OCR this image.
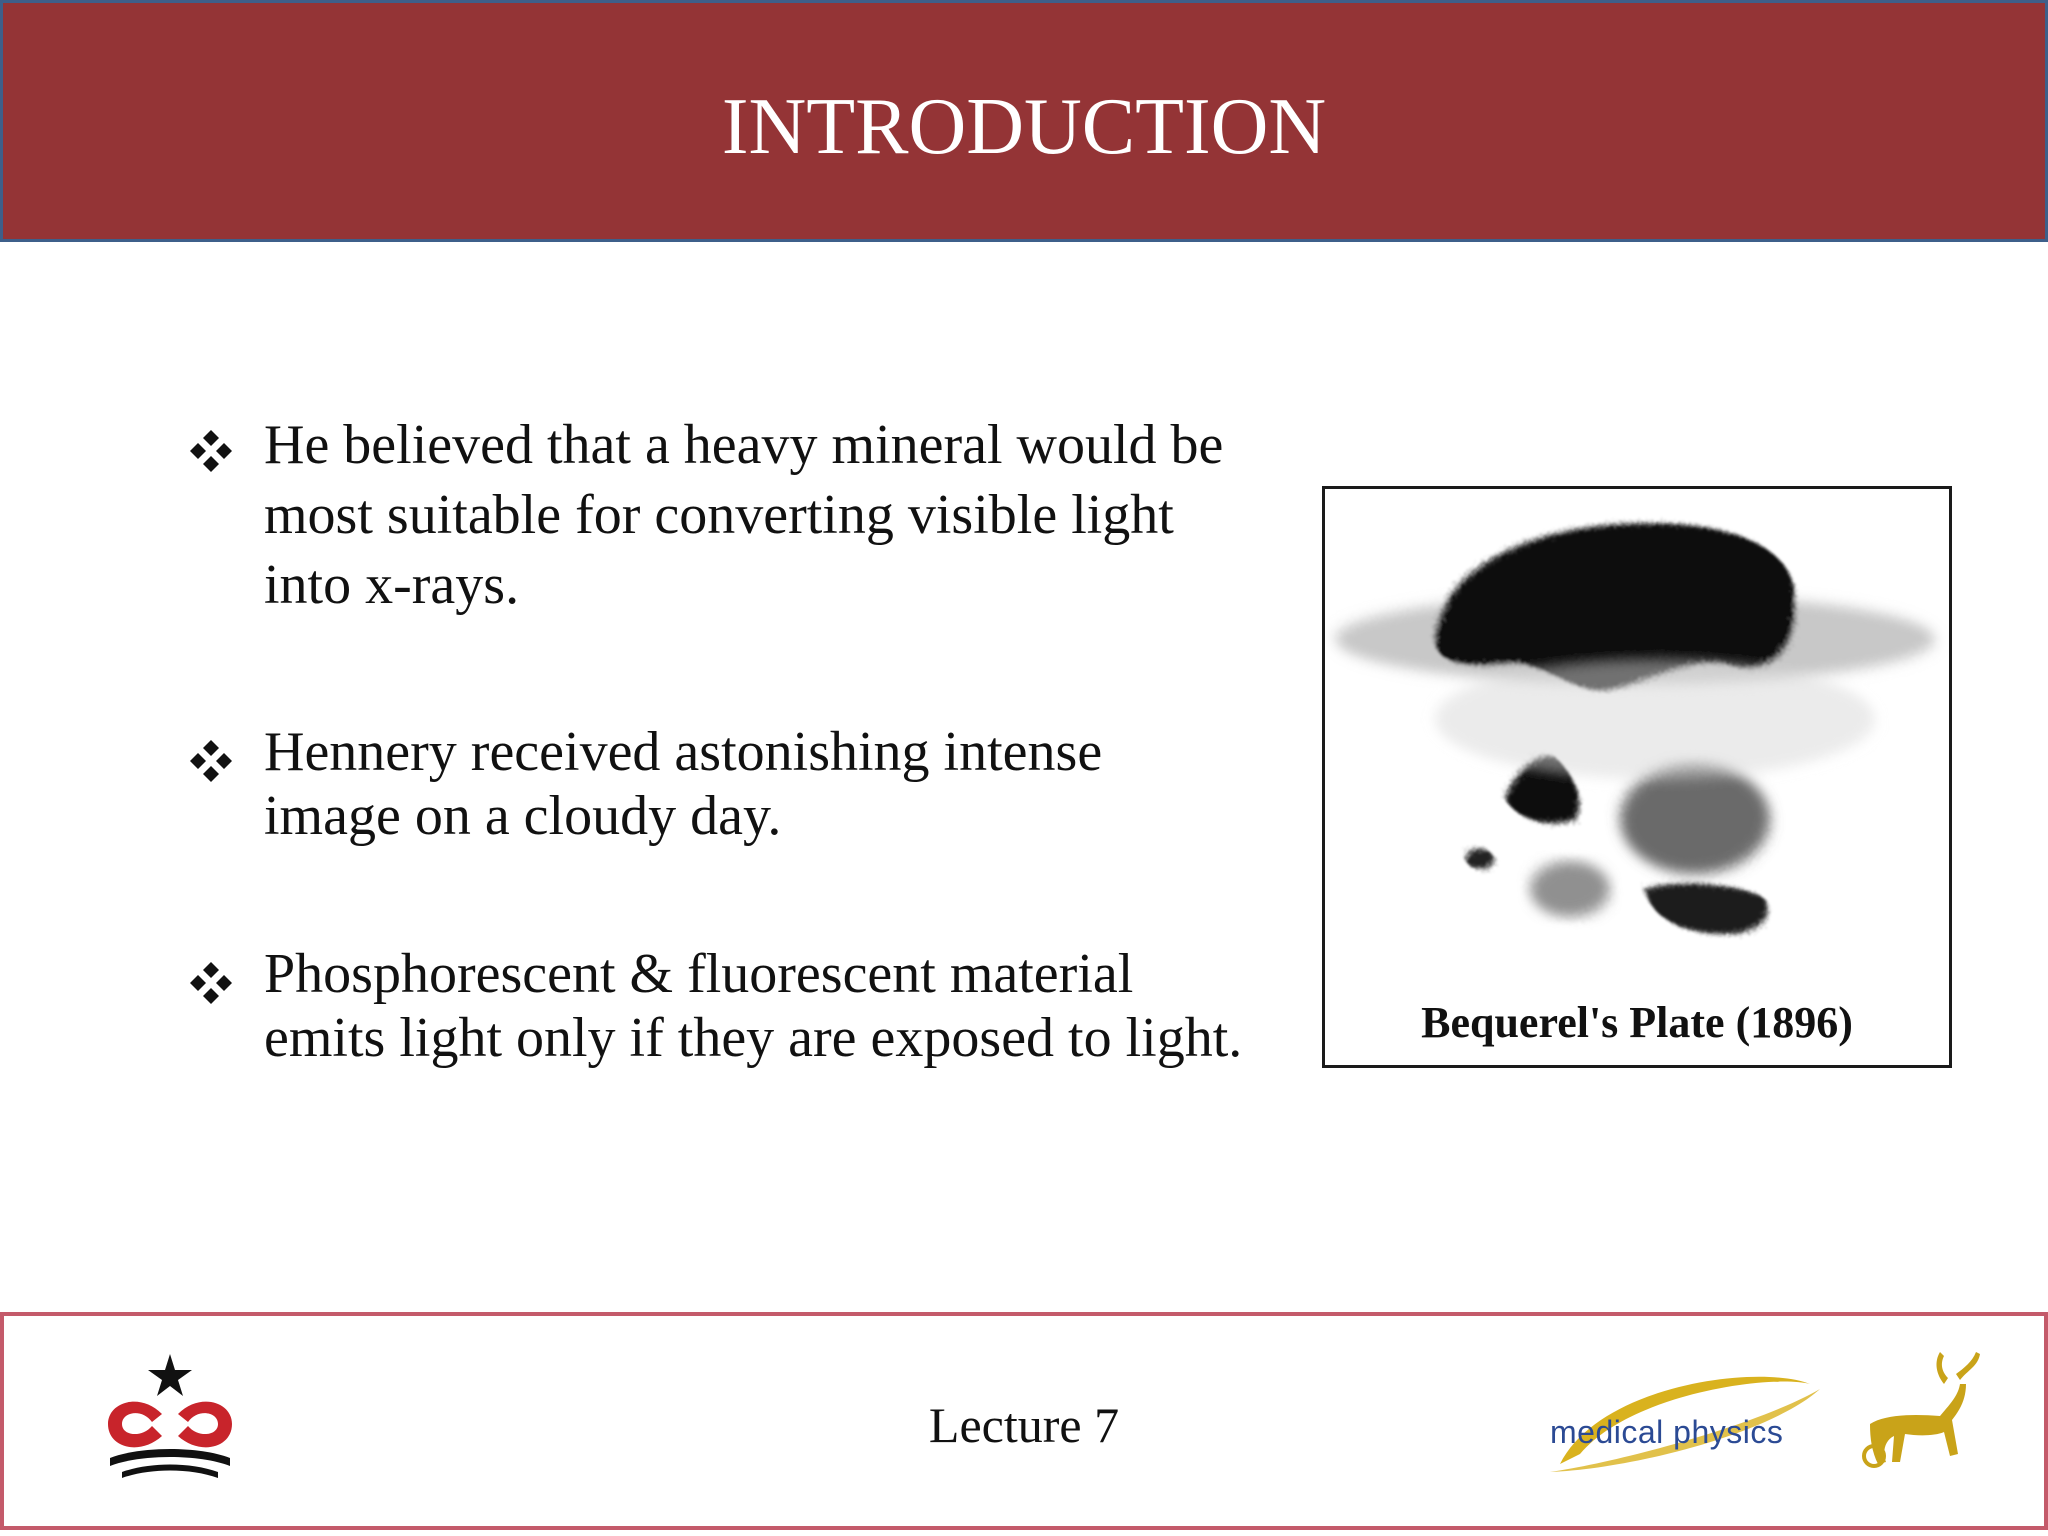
INTRODUCTION
He believed that a heavy mineral would be most suitable for converting visible light into x-rays.
Hennery received astonishing intense image on a cloudy day.
Phosphorescent & fluorescent material emits light only if they are exposed to light.	Bequerel's Plate (1896)
Lecture 7	medical physics
